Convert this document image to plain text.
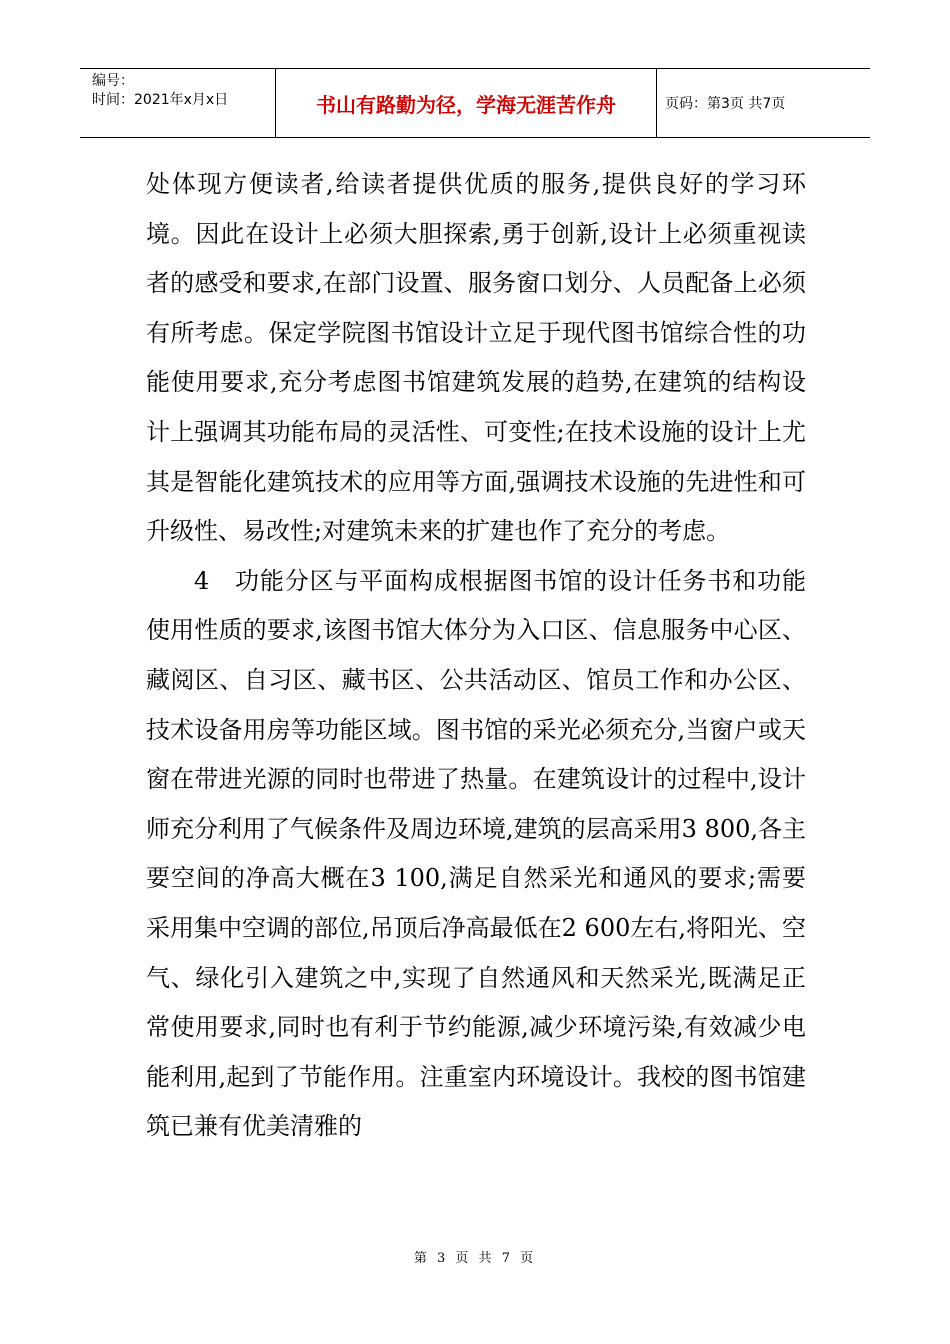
编号：
时间：2021年x月x日	书山有路勤为径，学海无涯苦作舟	页码：第3页 共7页

处体现方便读者,给读者提供优质的服务,提供良好的学习环境。因此在设计上必须大胆探索,勇于创新,设计上必须重视读者的感受和要求,在部门设置、服务窗口划分、人员配备上必须有所考虑。保定学院图书馆设计立足于现代图书馆综合性的功能使用要求,充分考虑图书馆建筑发展的趋势,在建筑的结构设计上强调其功能布局的灵活性、可变性;在技术设施的设计上尤其是智能化建筑技术的应用等方面,强调技术设施的先进性和可升级性、易改性;对建筑未来的扩建也作了充分的考虑。

4　功能分区与平面构成根据图书馆的设计任务书和功能使用性质的要求,该图书馆大体分为入口区、信息服务中心区、藏阅区、自习区、藏书区、公共活动区、馆员工作和办公区、技术设备用房等功能区域。图书馆的采光必须充分,当窗户或天窗在带进光源的同时也带进了热量。在建筑设计的过程中,设计师充分利用了气候条件及周边环境,建筑的层高采用3 800,各主要空间的净高大概在3 100,满足自然采光和通风的要求;需要采用集中空调的部位,吊顶后净高最低在2 600左右,将阳光、空气、绿化引入建筑之中,实现了自然通风和天然采光,既满足正常使用要求,同时也有利于节约能源,减少环境污染,有效减少电能利用,起到了节能作用。注重室内环境设计。我校的图书馆建筑已兼有优美清雅的

第 3 页 共 7 页
